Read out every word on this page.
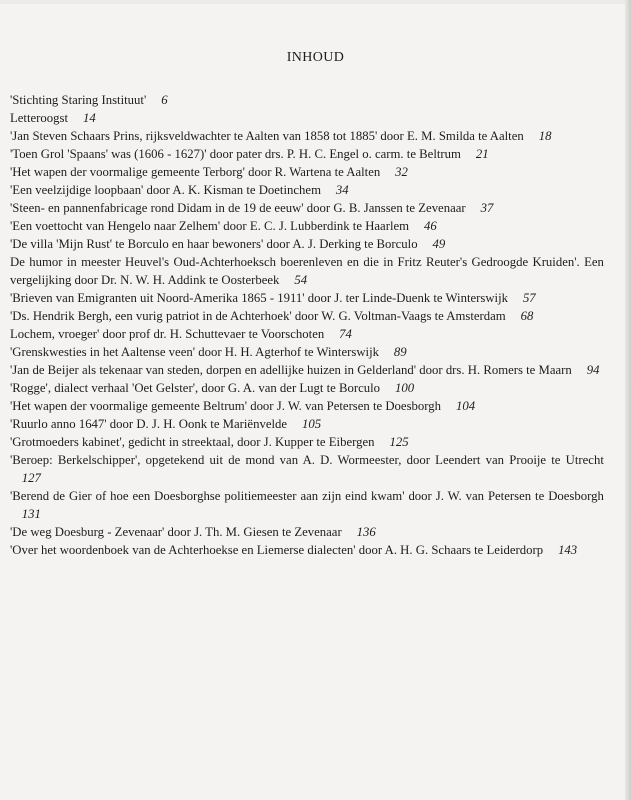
INHOUD
'Stichting Staring Instituut' 6
Letteroogst 14
'Jan Steven Schaars Prins, rijksveldwachter te Aalten van 1858 tot 1885' door E. M. Smilda te Aalten 18
'Toen Grol 'Spaans' was (1606 - 1627)' door pater drs. P. H. C. Engel o. carm. te Beltrum 21
'Het wapen der voormalige gemeente Terborg' door R. Wartena te Aalten 32
'Een veelzijdige loopbaan' door A. K. Kisman te Doetinchem 34
'Steen- en pannenfabricage rond Didam in de 19 de eeuw' door G. B. Janssen te Zevenaar 37
'Een voettocht van Hengelo naar Zelhem' door E. C. J. Lubberdink te Haarlem 46
'De villa 'Mijn Rust' te Borculo en haar bewoners' door A. J. Derking te Borculo 49
De humor in meester Heuvel's Oud-Achterhoeksch boerenleven en die in Fritz Reuter's Gedroogde Kruiden'. Een vergelijking door Dr. N. W. H. Addink te Oosterbeek 54
'Brieven van Emigranten uit Noord-Amerika 1865 - 1911' door J. ter Linde-Duenk te Winterswijk 57
'Ds. Hendrik Bergh, een vurig patriot in de Achterhoek' door W. G. Voltman-Vaags te Amsterdam 68
Lochem, vroeger' door prof dr. H. Schuttevaer te Voorschoten 74
'Grenskwesties in het Aaltense veen' door H. H. Agterhof te Winterswijk 89
'Jan de Beijer als tekenaar van steden, dorpen en adellijke huizen in Gelderland' door drs. H. Romers te Maarn 94
'Rogge', dialect verhaal 'Oet Gelster', door G. A. van der Lugt te Borculo 100
'Het wapen der voormalige gemeente Beltrum' door J. W. van Petersen te Doesborgh 104
'Ruurlo anno 1647' door D. J. H. Oonk te Mariënvelde 105
'Grotmoeders kabinet', gedicht in streektaal, door J. Kupper te Eibergen 125
'Beroep: Berkelschipper', opgetekend uit de mond van A. D. Wormeester, door Leendert van Prooije te Utrecht 127
'Berend de Gier of hoe een Doesborghse politiemeester aan zijn eind kwam' door J. W. van Petersen te Doesborgh 131
'De weg Doesburg - Zevenaar' door J. Th. M. Giesen te Zevenaar 136
'Over het woordenboek van de Achterhoekse en Liemerse dialecten' door A. H. G. Schaars te Leiderdorp 143
